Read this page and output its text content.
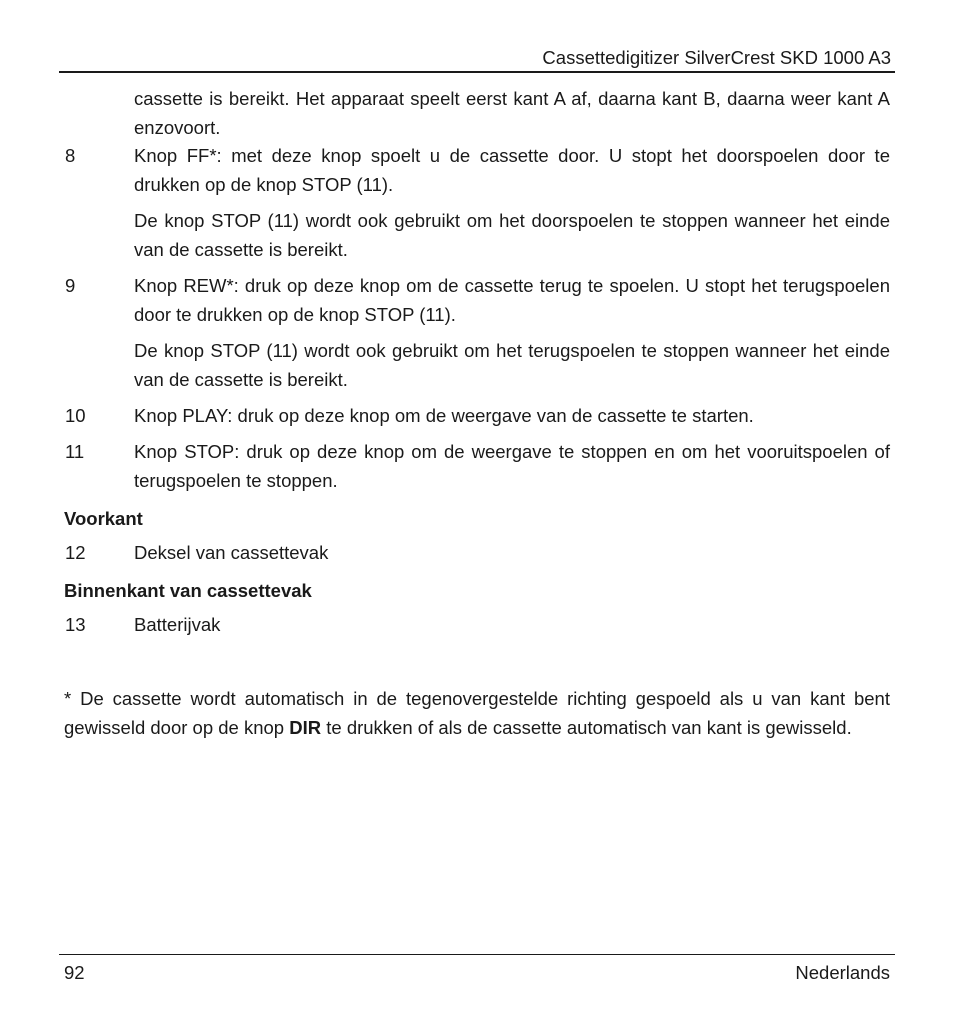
Cassettedigitizer SilverCrest SKD 1000 A3
cassette is bereikt. Het apparaat speelt eerst kant A af, daarna kant B, daarna weer kant A enzovoort.
8	Knop FF*: met deze knop spoelt u de cassette door. U stopt het doorspoelen door te drukken op de knop STOP (11).
De knop STOP (11) wordt ook gebruikt om het doorspoelen te stoppen wanneer het einde van de cassette is bereikt.
9	Knop REW*: druk op deze knop om de cassette terug te spoelen. U stopt het terugspoelen door te drukken op de knop STOP (11).
De knop STOP (11) wordt ook gebruikt om het terugspoelen te stoppen wanneer het einde van de cassette is bereikt.
10	Knop PLAY: druk op deze knop om de weergave van de cassette te starten.
11	Knop STOP: druk op deze knop om de weergave te stoppen en om het vooruitspoelen of terugspoelen te stoppen.
Voorkant
12	Deksel van cassettevak
Binnenkant van cassettevak
13	Batterijvak
* De cassette wordt automatisch in de tegenovergestelde richting gespoeld als u van kant bent gewisseld door op de knop DIR te drukken of als de cassette automatisch van kant is gewisseld.
92	Nederlands
